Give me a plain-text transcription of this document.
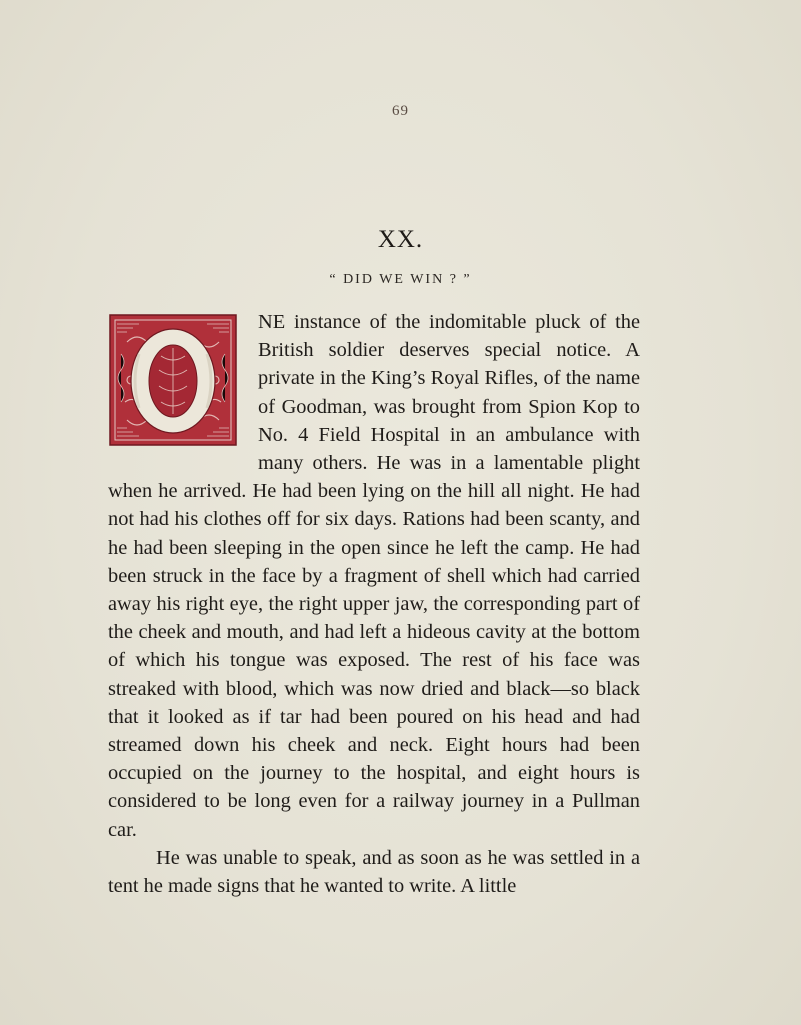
69
XX.
“ DID WE WIN ? ”

NE instance of the indomitable pluck of the British soldier deserves special notice. A private in the King’s Royal Rifles, of the name of Goodman, was brought from Spion Kop to No. 4 Field Hospital in an ambulance with many others. He was in a lamentable plight when he arrived. He had been lying on the hill all night. He had not had his clothes off for six days. Rations had been scanty, and he had been sleeping in the open since he left the camp. He had been struck in the face by a fragment of shell which had carried away his right eye, the right upper jaw, the corresponding part of the cheek and mouth, and had left a hideous cavity at the bottom of which his tongue was exposed. The rest of his face was streaked with blood, which was now dried and black—so black that it looked as if tar had been poured on his head and had streamed down his cheek and neck. Eight hours had been occupied on the journey to the hospital, and eight hours is considered to be long even for a railway journey in a Pullman car.

He was unable to speak, and as soon as he was settled in a tent he made signs that he wanted to write. A little
